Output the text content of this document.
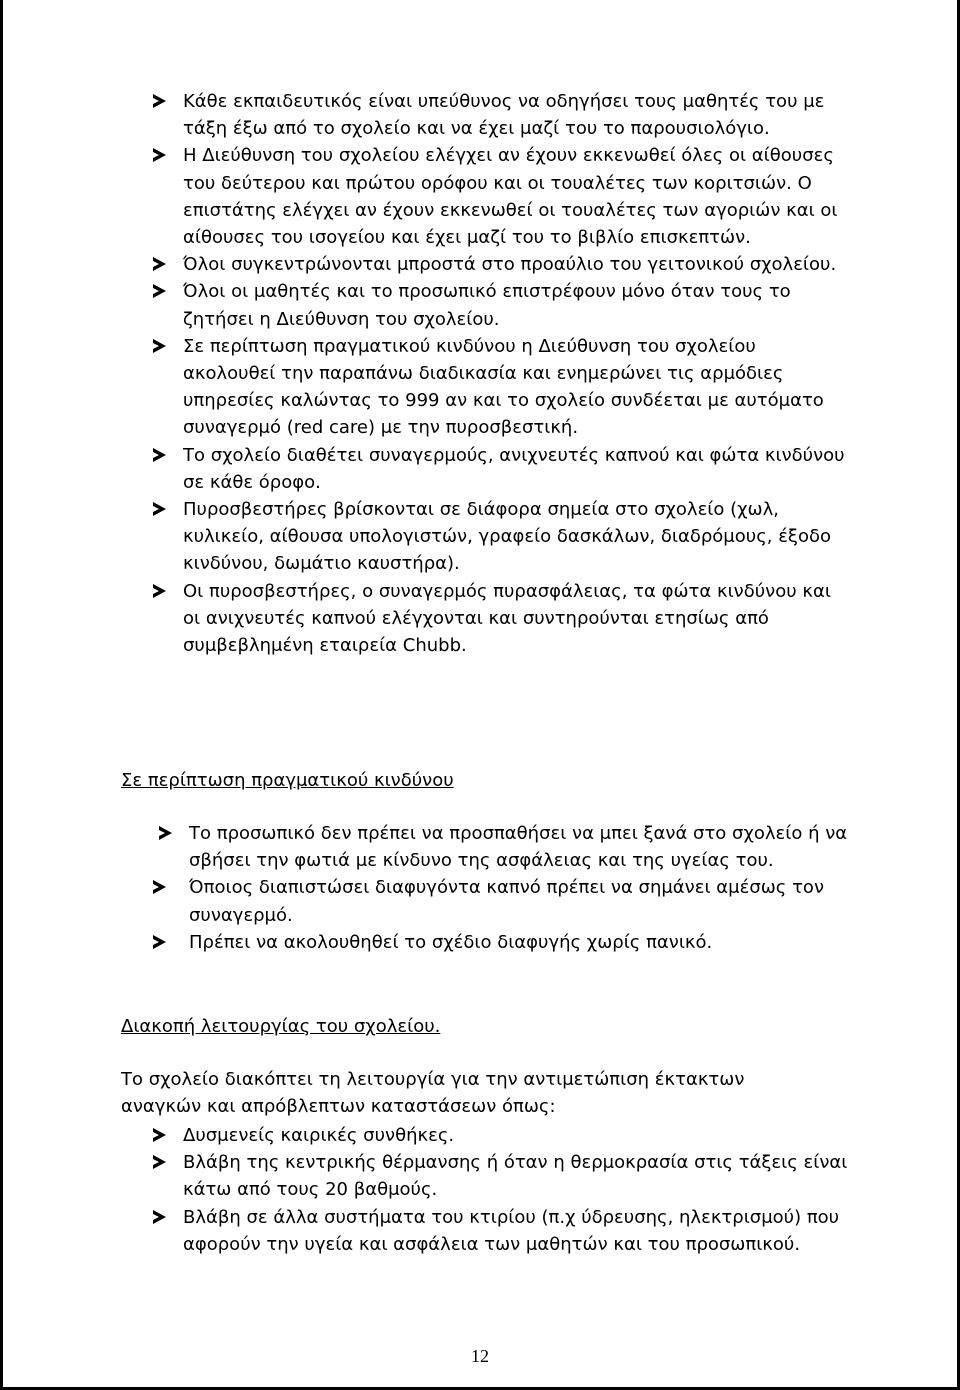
Κάθε εκπαιδευτικός είναι υπεύθυνος να οδηγήσει τους μαθητές του με τάξη έξω από το σχολείο και να έχει μαζί του το παρουσιολόγιο.
Η Διεύθυνση του σχολείου ελέγχει αν έχουν εκκενωθεί όλες οι αίθουσες του δεύτερου και πρώτου ορόφου και οι τουαλέτες των κοριτσιών. Ο επιστάτης ελέγχει αν έχουν εκκενωθεί οι τουαλέτες των αγοριών και οι αίθουσες του ισογείου και έχει μαζί του το βιβλίο επισκεπτών.
Όλοι συγκεντρώνονται μπροστά στο προαύλιο του γειτονικού σχολείου.
Όλοι οι μαθητές και το προσωπικό επιστρέφουν μόνο όταν τους το ζητήσει η Διεύθυνση του σχολείου.
Σε περίπτωση πραγματικού κινδύνου η Διεύθυνση του σχολείου ακολουθεί την παραπάνω διαδικασία και ενημερώνει τις αρμόδιες υπηρεσίες καλώντας το 999 αν και το σχολείο συνδέεται με αυτόματο συναγερμό (red care) με την πυροσβεστική.
Το σχολείο διαθέτει συναγερμούς, ανιχνευτές καπνού και φώτα κινδύνου σε κάθε όροφο.
Πυροσβεστήρες βρίσκονται σε διάφορα σημεία στο σχολείο (χωλ, κυλικείο, αίθουσα υπολογιστών, γραφείο δασκάλων, διαδρόμους, έξοδο κινδύνου, δωμάτιο καυστήρα).
Οι πυροσβεστήρες, ο συναγερμός πυρασφάλειας, τα φώτα κινδύνου και οι ανιχνευτές καπνού ελέγχονται και συντηρούνται ετησίως από συμβεβλημένη εταιρεία Chubb.
Σε περίπτωση πραγματικού κινδύνου
Το προσωπικό δεν πρέπει να προσπαθήσει να μπει ξανά στο σχολείο ή να σβήσει την φωτιά με κίνδυνο της ασφάλειας και της υγείας του.
Όποιος διαπιστώσει διαφυγόντα καπνό πρέπει να σημάνει αμέσως τον συναγερμό.
Πρέπει να ακολουθηθεί το σχέδιο διαφυγής χωρίς πανικό.
Διακοπή λειτουργίας του σχολείου.
Το σχολείο διακόπτει τη λειτουργία για την αντιμετώπιση έκτακτων αναγκών και απρόβλεπτων καταστάσεων όπως:
Δυσμενείς καιρικές συνθήκες.
Βλάβη της κεντρικής θέρμανσης ή όταν η θερμοκρασία στις τάξεις είναι κάτω από τους 20 βαθμούς.
Βλάβη σε άλλα συστήματα του κτιρίου (π.χ ύδρευσης, ηλεκτρισμού) που αφορούν την υγεία και ασφάλεια των μαθητών και του προσωπικού.
12
